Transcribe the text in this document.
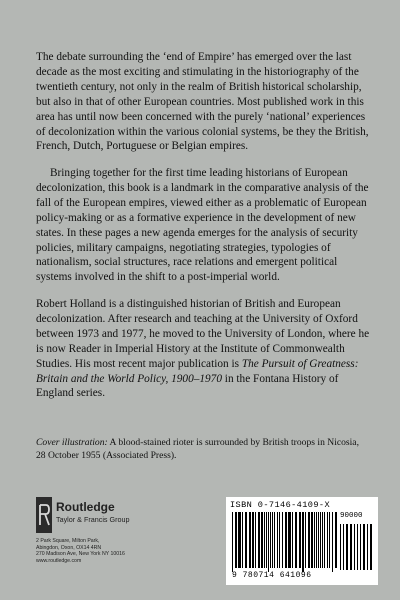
The debate surrounding the ‘end of Empire’ has emerged over the last decade as the most exciting and stimulating in the historiography of the twentieth century, not only in the realm of British historical scholarship, but also in that of other European countries. Most published work in this area has until now been concerned with the purely ‘national’ experiences of decolonization within the various colonial systems, be they the British, French, Dutch, Portuguese or Belgian empires.

Bringing together for the first time leading historians of European decolonization, this book is a landmark in the comparative analysis of the fall of the European empires, viewed either as a problematic of European policy-making or as a formative experience in the development of new states. In these pages a new agenda emerges for the analysis of security policies, military campaigns, negotiating strategies, typologies of nationalism, social structures, race relations and emergent political systems involved in the shift to a post-imperial world.

Robert Holland is a distinguished historian of British and European decolonization. After research and teaching at the University of Oxford between 1973 and 1977, he moved to the University of London, where he is now Reader in Imperial History at the Institute of Commonwealth Studies. His most recent major publication is The Pursuit of Greatness: Britain and the World Policy, 1900–1970 in the Fontana History of England series.

Cover illustration: A blood-stained rioter is surrounded by British troops in Nicosia, 28 October 1955 (Associated Press).

Routledge
Taylor & Francis Group
2 Park Square, Milton Park,
Abingdon, Oxon, OX14 4RN
270 Madison Ave, New York NY 10016
www.routledge.com
ISBN 0-7146-4109-X
9 780714 641096
90000
